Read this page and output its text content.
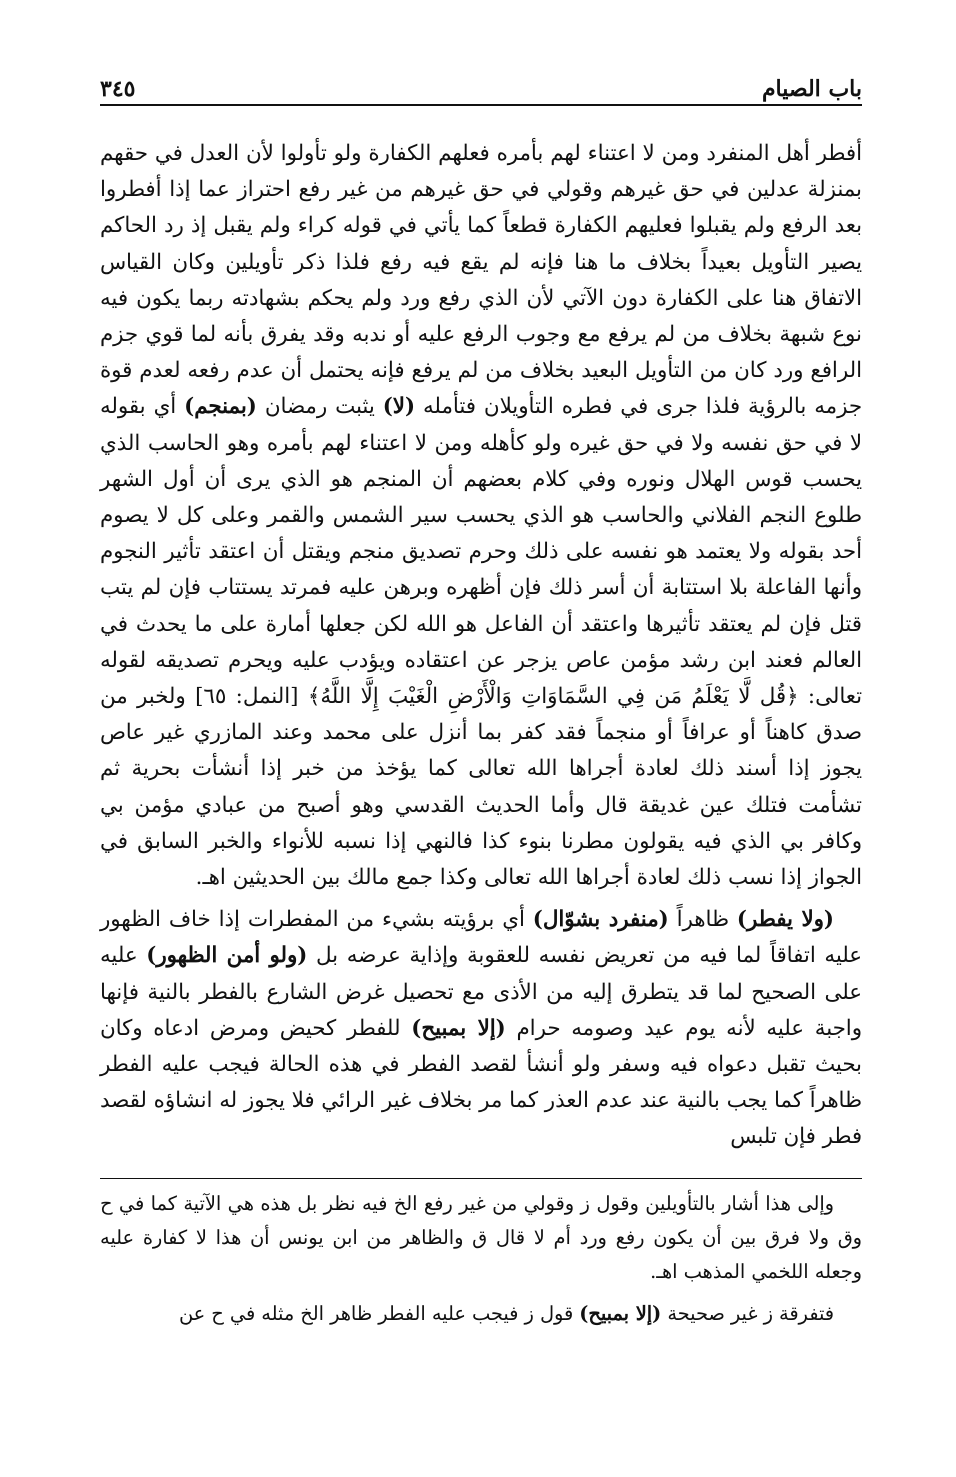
باب الصيام
٣٤٥

أفطر أهل المنفرد ومن لا اعتناء لهم بأمره فعلهم الكفارة ولو تأولوا لأن العدل في حقهم بمنزلة عدلين في حق غيرهم وقولي في حق غيرهم من غير رفع احتراز عما إذا أفطروا بعد الرفع ولم يقبلوا فعليهم الكفارة قطعاً كما يأتي في قوله كراء ولم يقبل إذ رد الحاكم يصير التأويل بعيداً بخلاف ما هنا فإنه لم يقع فيه رفع فلذا ذكر تأويلين وكان القياس الاتفاق هنا على الكفارة دون الآتي لأن الذي رفع ورد ولم يحكم بشهادته ربما يكون فيه نوع شبهة بخلاف من لم يرفع مع وجوب الرفع عليه أو ندبه وقد يفرق بأنه لما قوي جزم الرافع ورد كان من التأويل البعيد بخلاف من لم يرفع فإنه يحتمل أن عدم رفعه لعدم قوة جزمه بالرؤية فلذا جرى في فطره التأويلان فتأمله (لا) يثبت رمضان (بمنجم) أي بقوله لا في حق نفسه ولا في حق غيره ولو كأهله ومن لا اعتناء لهم بأمره وهو الحاسب الذي يحسب قوس الهلال ونوره وفي كلام بعضهم أن المنجم هو الذي يرى أن أول الشهر طلوع النجم الفلاني والحاسب هو الذي يحسب سير الشمس والقمر وعلى كل لا يصوم أحد بقوله ولا يعتمد هو نفسه على ذلك وحرم تصديق منجم ويقتل أن اعتقد تأثير النجوم وأنها الفاعلة بلا استتابة أن أسر ذلك فإن أظهره وبرهن عليه فمرتد يستتاب فإن لم يتب قتل فإن لم يعتقد تأثيرها واعتقد أن الفاعل هو الله لكن جعلها أمارة على ما يحدث في العالم فعند ابن رشد مؤمن عاص يزجر عن اعتقاده ويؤدب عليه ويحرم تصديقه لقوله تعالى: ﴿قُل لَّا يَعْلَمُ مَن فِي السَّمَاوَاتِ وَالْأَرْضِ الْغَيْبَ إِلَّا اللَّهُ﴾ [النمل: ٦٥] ولخبر من صدق كاهناً أو عرافاً أو منجماً فقد كفر بما أنزل على محمد وعند المازري غير عاص يجوز إذا أسند ذلك لعادة أجراها الله تعالى كما يؤخذ من خبر إذا أنشأت بحرية ثم تشأمت فتلك عين غديقة قال وأما الحديث القدسي وهو أصبح من عبادي مؤمن بي وكافر بي الذي فيه يقولون مطرنا بنوء كذا فالنهي إذا نسبه للأنواء والخبر السابق في الجواز إذا نسب ذلك لعادة أجراها الله تعالى وكذا جمع مالك بين الحديثين اهـ.

(ولا يفطر) ظاهراً (منفرد بشوّال) أي برؤيته بشيء من المفطرات إذا خاف الظهور عليه اتفاقاً لما فيه من تعريض نفسه للعقوبة وإذاية عرضه بل (ولو أمن الظهور) عليه على الصحيح لما قد يتطرق إليه من الأذى مع تحصيل غرض الشارع بالفطر بالنية فإنها واجبة عليه لأنه يوم عيد وصومه حرام (إلا بمبيح) للفطر كحيض ومرض ادعاه وكان بحيث تقبل دعواه فيه وسفر ولو أنشأ لقصد الفطر في هذه الحالة فيجب عليه الفطر ظاهراً كما يجب بالنية عند عدم العذر كما مر بخلاف غير الرائي فلا يجوز له انشاؤه لقصد فطر فإن تلبس

وإلى هذا أشار بالتأويلين وقول ز وقولي من غير رفع الخ فيه نظر بل هذه هي الآتية كما في ح وق ولا فرق بين أن يكون رفع ورد أم لا قال ق والظاهر من ابن يونس أن هذا لا كفارة عليه وجعله اللخمي المذهب اهـ.

فتفرقة ز غير صحيحة (إلا بمبيح) قول ز فيجب عليه الفطر ظاهر الخ مثله في ح عن
